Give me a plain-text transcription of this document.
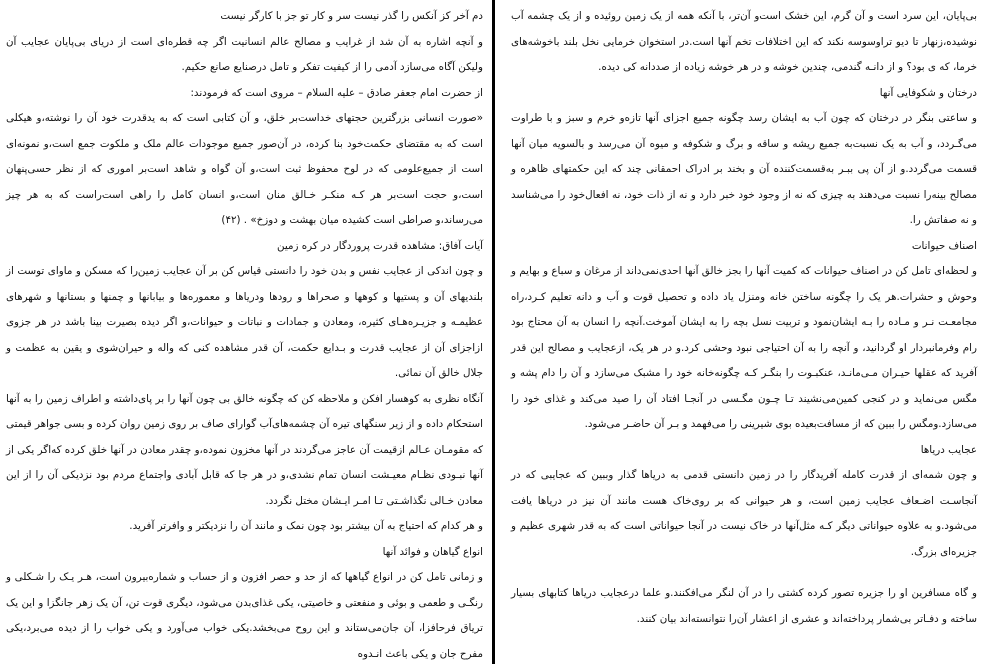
دم آخر کز آنکس را گذر نیست سر و کار تو جز با کارگر نیست

و آنچه اشاره به آن شد از غرایب و مصالح عالم انسانیت اگر چه قطره‌ای است از دریای بی‌پایان عجایب آن ولیکن آگاه می‌سازد آدمی را از کیفیت تفکر و تامل درصنایع صانع حکیم.

از حضرت امام جعفر صادق – علیه السلام – مروی است که فرمودند:

«صورت انسانی بزرگترین حجتهای خداست‌بر خلق، و آن کتابی است که به یدقدرت خود آن را نوشته،و هیکلی است که به مقتضای حکمت‌خود بنا کرده، در آن‌صور جمیع موجودات عالم ملک و ملکوت جمع است،و نمونه‌ای است از جمیع‌علومی که در لوح محفوظ ثبت است،و آن گواه و شاهد است‌بر اموری که از نظر حسی‌پنهان است،و حجت است‌بر هر کـه منکـر خـالق منان است،و انسان کامل را راهی است‌راست که به هر چیز می‌رساند،و صراطی است کشیده میان بهشت و دوزخ» . (۴۲)

آیات آفاق: مشاهده قدرت پروردگار در کره زمین

و چون اندکی از عجایب نفس و بدن خود را دانستی قیاس کن بر آن عجایب زمین‌را که مسکن و ماوای توست از بلندیهای آن و پستیها و کوهها و صحراها و رودها ودریاها و معموره‌ها و بیابانها و چمنها و بستانها و شهرهای عظیمـه و جزیـره‌هـای کثیره، ومعادن و جمادات و نباتات و حیوانات،و اگر دیده بصیرت بینا باشد در هر جزوی ازاجزای آن از عجایب قدرت و بـدایع حکمت، آن قدر مشاهده کنی که واله و حیران‌شوی و یقین به عظمت و جلال خالق آن نمائی.

آنگاه نظری به کوهسار افکن و ملاحظه کن که چگونه خالق بی چون آنها را بر پای‌داشته و اطراف زمین را به آنها استحکام داده و از زیر سنگهای تیره آن چشمه‌های‌آب گوارای صاف بر روی زمین روان کرده و بسی جواهر قیمتی که مقومـان عـالم ازقیمت آن عاجز می‌گردند در آنها مخزون نموده،و چقدر معادن در آنها خلق کرده که‌اگر یکی از آنها نبـودی نظـام معیـشت انسان تمام نشدی،و در هر جا که قابل آبادی واجتماع مردم بود نزدیکی آن را از این معادن خـالی نگذاشـتی تـا امـر ایـشان مختل نگردد.

و هر کدام که احتیاج به آن بیشتر بود چون نمک و مانند آن را نزدیکتر و وافرتر آفرید.

انواع گیاهان و فوائد آنها

و زمانی تامل کن در انواع گیاهها که از حد و حصر افزون و از حساب و شماره‌بیرون است، هـر یـک را شـکلی و رنگـی و طعمی و بوئی و منفعتی و خاصیتی، یکی غذای‌بدن می‌شود، دیگری قوت تن، آن یک زهر جانگزا و این یک تریاق فرحافزا، آن جان‌می‌ستاند و این روح می‌بخشد.یکی خواب می‌آورد و یکی خواب را از دیده می‌برد،یکی مفرح جان و یکی باعث انـدوه

بی‌پایان، این سرد است و آن گرم، این خشک است‌و آن‌تر، با آنکه همه از یک زمین روئیده و از یک چشمه آب نوشیده،زنهار تا دیو تراوسوسه نکند که این اختلافات تخم آنها است.در استخوان خرمایی نخل بلند باخوشه‌های خرما، که ی بود؟ و از دانـه گندمی، چندین خوشه و در هر خوشه زیاده از صددانه کی دیده.

درختان و شکوفایی آنها

و ساعتی بنگر در درختان که چون آب به ایشان رسد چگونه جمیع اجزای آنها تازه‌و خرم و سبز و با طراوت می‌گـردد، و آب به یک نسبت‌به جمیع ریشه و ساقه و برگ و شکوفه و میوه آن می‌رسد و بالسویه میان آنها قسمت می‌گردد.و از آن پی ببـر به‌قسمت‌کننده آن و بخند بر ادراک احمقانی چند که این حکمتهای ظاهره و مصالح بینه‌را نسبت می‌دهند به چیزی که نه از وجود خود خبر دارد و نه از ذات خود، نه افعال‌خود را می‌شناسد و نه صفاتش را.

اصناف حیوانات

و لحظه‌ای تامل کن در اصناف حیوانات که کمیت آنها را بجز خالق آنها احدی‌نمی‌داند از مرغان و سباع و بهایم و وحوش و حشرات.هر یک را چگونه ساختن خانه ومنزل یاد داده و تحصیل قوت و آب و دانه تعلیم کـرد،راه مجامعـت نـر و مـاده را بـه ایشان‌نمود و تربیت نسل بچه را به ایشان آموخت.آنچه را انسان به آن محتاج بود رام وفرمانبردار او گردانید، و آنچه را به آن احتیاجی نبود وحشی کرد.و در هر یک، ازعجایب و مصالح این قدر آفرید که عقلها حیـران مـی‌مانـد، عنکبـوت را بنگـر کـه چگونه‌خانه خود را مشبک می‌سازد و آن را دام پشه و مگس می‌نماید و در کنجی کمین‌می‌نشیند تـا چـون مگـسی در آنجـا افتاد آن را صید می‌کند و غذای خود را می‌سازد.ومگس را ببین که از مسافت‌بعیده بوی شیرینی را می‌فهمد و بـر آن حاضـر می‌شود.

عجایب دریاها

و چون شمه‌ای از قدرت کامله آفریدگار را در زمین دانستی قدمی به دریاها گذار وببین که عجایبی که در آنجاسـت اضـعاف عجایب زمین است، و هر حیوانی که بر روی‌خاک هست مانند آن نیز در دریاها یافت می‌شود.و به علاوه حیواناتی دیگر کـه مثل‌آنها در خاک نیست در آنجا حیواناتی است که به قدر شهری عظیم و جزیره‌ای بزرگ.

و گاه مسافرین او را جزیره تصور کرده کشتی را در آن لنگر می‌افکنند.و علما درعجایب دریاها کتابهای بسیار ساخته و دفـاتر بی‌شمار پرداخته‌اند و عشری از اعشار آن‌را نتوانسته‌اند بیان کنند.
